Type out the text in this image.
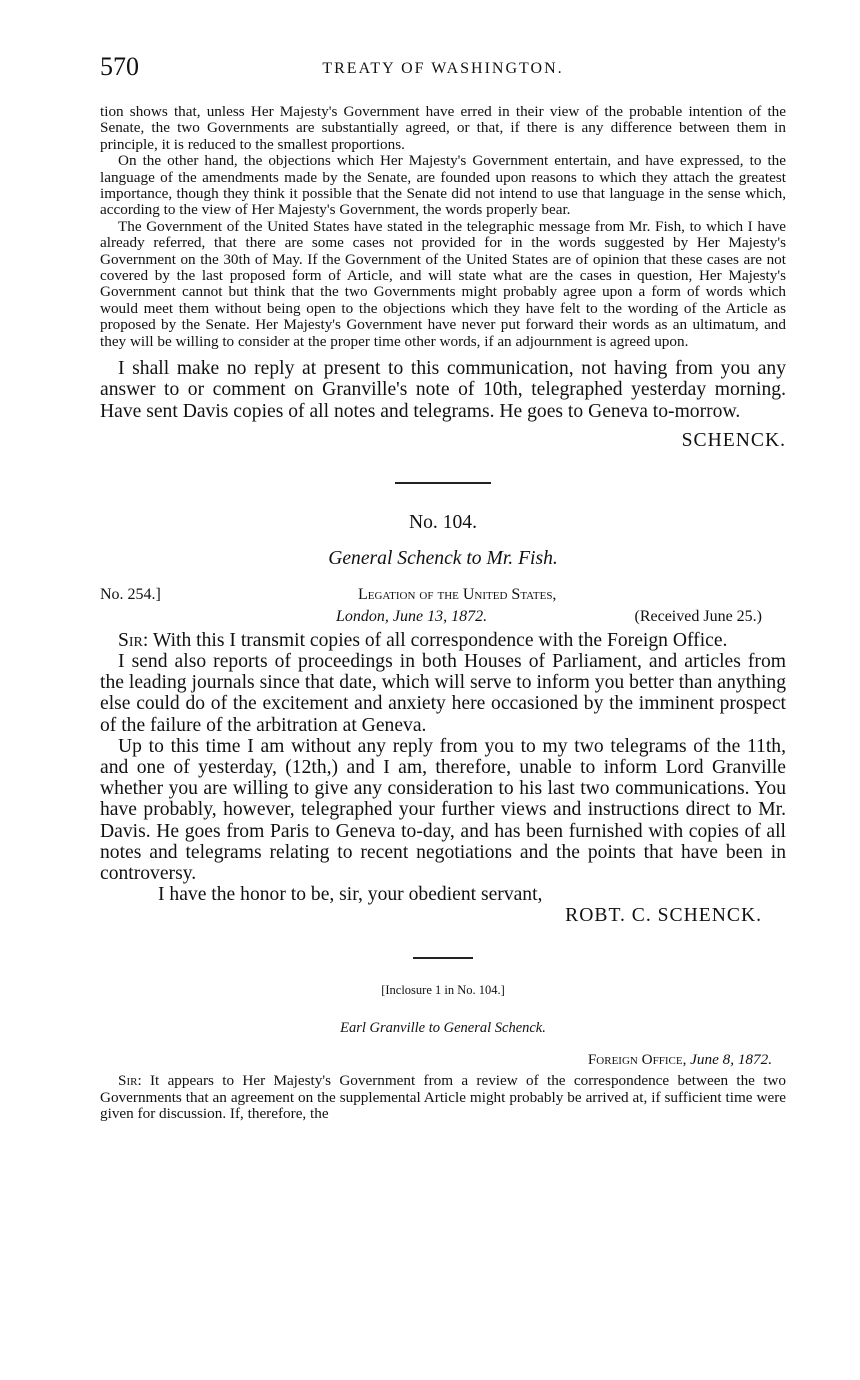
570	TREATY OF WASHINGTON.

tion shows that, unless Her Majesty's Government have erred in their view of the probable intention of the Senate, the two Governments are substantially agreed, or that, if there is any difference between them in principle, it is reduced to the smallest proportions.

On the other hand, the objections which Her Majesty's Government entertain, and have expressed, to the language of the amendments made by the Senate, are founded upon reasons to which they attach the greatest importance, though they think it possible that the Senate did not intend to use that language in the sense which, according to the view of Her Majesty's Government, the words properly bear.

The Government of the United States have stated in the telegraphic message from Mr. Fish, to which I have already referred, that there are some cases not provided for in the words suggested by Her Majesty's Government on the 30th of May. If the Government of the United States are of opinion that these cases are not covered by the last proposed form of Article, and will state what are the cases in question, Her Majesty's Government cannot but think that the two Governments might probably agree upon a form of words which would meet them without being open to the objections which they have felt to the wording of the Article as proposed by the Senate. Her Majesty's Government have never put forward their words as an ultimatum, and they will be willing to consider at the proper time other words, if an adjournment is agreed upon.

I shall make no reply at present to this communication, not having from you any answer to or comment on Granville's note of 10th, telegraphed yesterday morning. Have sent Davis copies of all notes and telegrams. He goes to Geneva to-morrow.

SCHENCK.
No. 104.
General Schenck to Mr. Fish.
No. 254.]	Legation of the United States,
London, June 13, 1872.	(Received June 25.)

Sir: With this I transmit copies of all correspondence with the Foreign Office.

I send also reports of proceedings in both Houses of Parliament, and articles from the leading journals since that date, which will serve to inform you better than anything else could do of the excitement and anxiety here occasioned by the imminent prospect of the failure of the arbitration at Geneva.

Up to this time I am without any reply from you to my two telegrams of the 11th, and one of yesterday, (12th,) and I am, therefore, unable to inform Lord Granville whether you are willing to give any consideration to his last two communications. You have probably, however, telegraphed your further views and instructions direct to Mr. Davis. He goes from Paris to Geneva to-day, and has been furnished with copies of all notes and telegrams relating to recent negotiations and the points that have been in controversy.

I have the honor to be, sir, your obedient servant,

ROBT. C. SCHENCK.
[Inclosure 1 in No. 104.]
Earl Granville to General Schenck.
Foreign Office, June 8, 1872.

Sir: It appears to Her Majesty's Government from a review of the correspondence between the two Governments that an agreement on the supplemental Article might probably be arrived at, if sufficient time were given for discussion. If, therefore, the
